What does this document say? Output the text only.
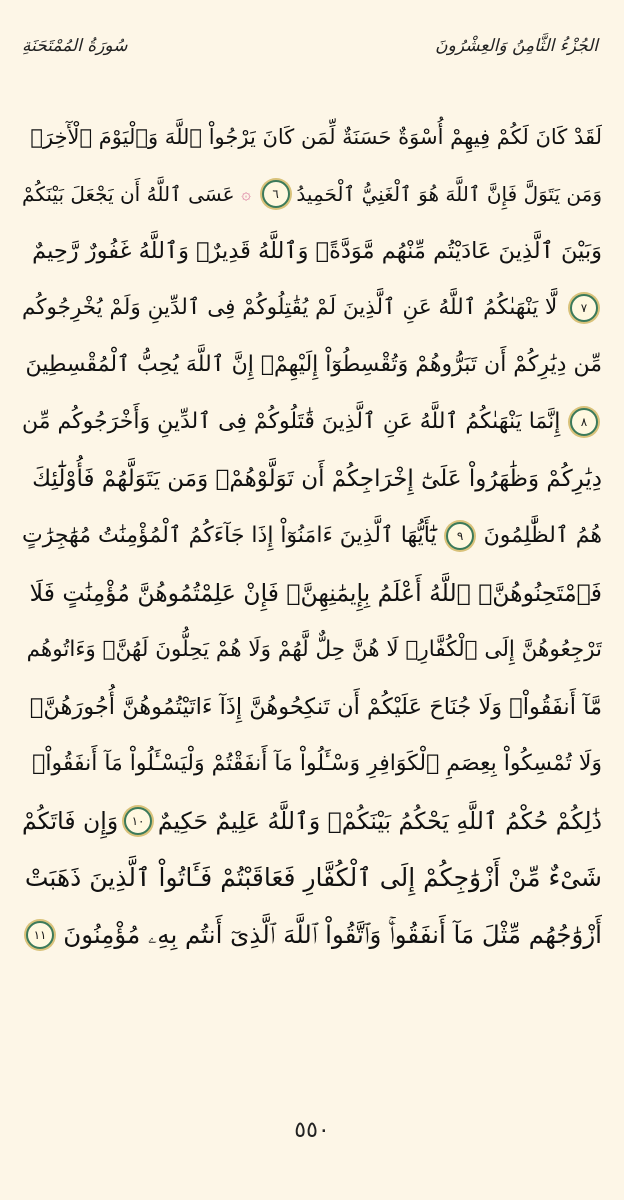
سُورَةُ المُمْتَحَنَةِ	الجُزْءُ الثَّامِنُ وَالعِشْرُونَ
لَقَدْ كَانَ لَكُمْ فِيهِمْ أُسْوَةٌ حَسَنَةٌ لِّمَن كَانَ يَرْجُواْ ٱللَّهَ وَٱلْيَوْمَ ٱلْأٓخِرَۚ
وَمَن يَتَوَلَّ فَإِنَّ ٱللَّهَ هُوَ ٱلْغَنِيُّ ٱلْحَمِيدُ
٦
۞
عَسَى ٱللَّهُ أَن يَجْعَلَ بَيْنَكُمْ
وَبَيْنَ ٱلَّذِينَ عَادَيْتُم مِّنْهُم مَّوَدَّةًۚ وَٱللَّهُ قَدِيرٌۚ وَٱللَّهُ غَفُورٌ رَّحِيمٌ
٧
لَّا يَنْهَىٰكُمُ ٱللَّهُ عَنِ ٱلَّذِينَ لَمْ يُقَٰتِلُوكُمْ فِى ٱلدِّينِ وَلَمْ يُخْرِجُوكُم
مِّن دِيَٰرِكُمْ أَن تَبَرُّوهُمْ وَتُقْسِطُوٓاْ إِلَيْهِمْۚ إِنَّ ٱللَّهَ يُحِبُّ ٱلْمُقْسِطِينَ
٨
إِنَّمَا يَنْهَىٰكُمُ ٱللَّهُ عَنِ ٱلَّذِينَ قَٰتَلُوكُمْ فِى ٱلدِّينِ وَأَخْرَجُوكُم مِّن
دِيَٰرِكُمْ وَظَٰهَرُواْ عَلَىٰٓ إِخْرَاجِكُمْ أَن تَوَلَّوْهُمْۚ وَمَن يَتَوَلَّهُمْ فَأُوْلَٰٓئِكَ
هُمُ ٱلظَّٰلِمُونَ
٩
يَٰٓأَيُّهَا ٱلَّذِينَ ءَامَنُوٓاْ إِذَا جَآءَكُمُ ٱلْمُؤْمِنَٰتُ مُهَٰجِرَٰتٍ
فَٱمْتَحِنُوهُنَّۖ ٱللَّهُ أَعْلَمُ بِإِيمَٰنِهِنَّۖ فَإِنْ عَلِمْتُمُوهُنَّ مُؤْمِنَٰتٍ فَلَا
تَرْجِعُوهُنَّ إِلَى ٱلْكُفَّارِۖ لَا هُنَّ حِلٌّ لَّهُمْ وَلَا هُمْ يَحِلُّونَ لَهُنَّۖ وَءَاتُوهُم
مَّآ أَنفَقُواْۚ وَلَا جُنَاحَ عَلَيْكُمْ أَن تَنكِحُوهُنَّ إِذَآ ءَاتَيْتُمُوهُنَّ أُجُورَهُنَّۚ
وَلَا تُمْسِكُواْ بِعِصَمِ ٱلْكَوَافِرِ وَسْـَٔلُواْ مَآ أَنفَقْتُمْ وَلْيَسْـَٔلُواْ مَآ أَنفَقُواْۚ
ذَٰلِكُمْ حُكْمُ ٱللَّهِ يَحْكُمُ بَيْنَكُمْۖ وَٱللَّهُ عَلِيمٌ حَكِيمٌ
١٠
وَإِن فَاتَكُمْ
شَىْءٌ مِّنْ أَزْوَٰجِكُمْ إِلَى ٱلْكُفَّارِ فَعَاقَبْتُمْ فَـَٔاتُواْ ٱلَّذِينَ ذَهَبَتْ
أَزْوَٰجُهُم مِّثْلَ مَآ أَنفَقُواْۚ وَٱتَّقُواْ ٱللَّهَ ٱلَّذِىٓ أَنتُم بِهِۦ مُؤْمِنُونَ
١١
٥٥٠
